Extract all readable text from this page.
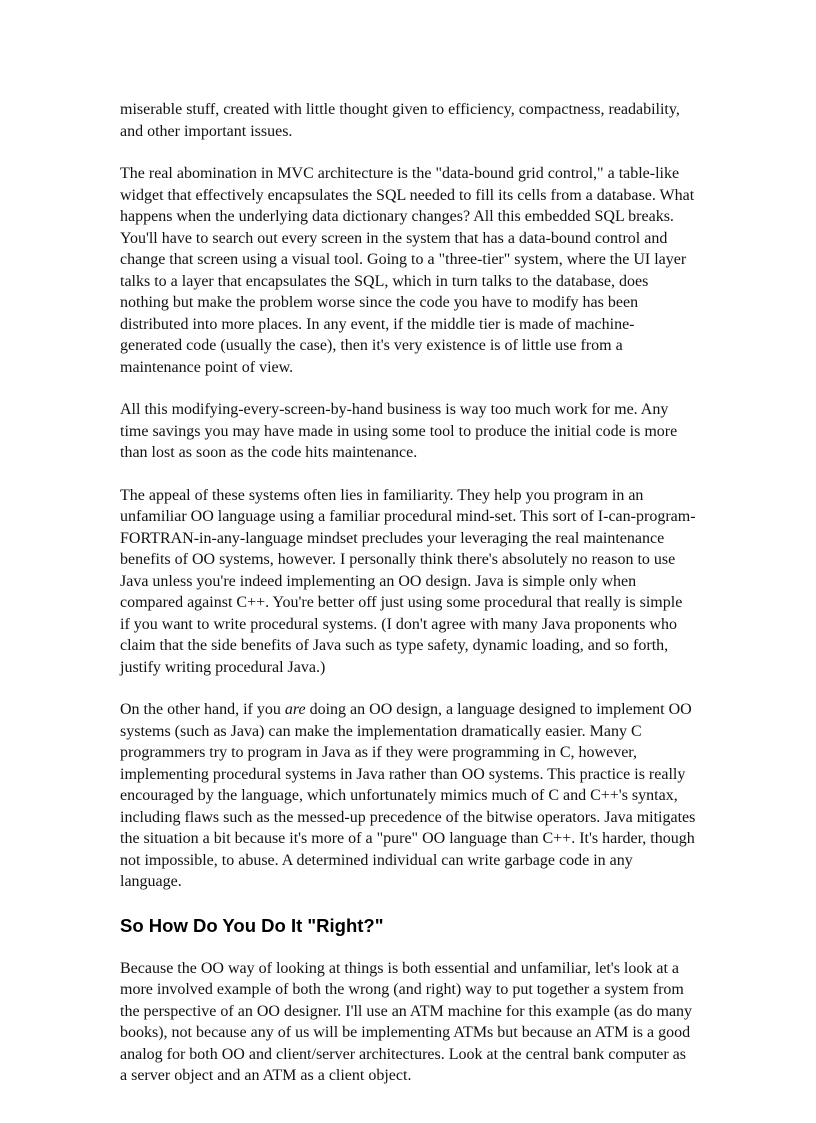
miserable stuff, created with little thought given to efficiency, compactness, readability,
and other important issues.

The real abomination in MVC architecture is the "data-bound grid control," a table-like
widget that effectively encapsulates the SQL needed to fill its cells from a database. What
happens when the underlying data dictionary changes? All this embedded SQL breaks.
You'll have to search out every screen in the system that has a data-bound control and
change that screen using a visual tool. Going to a "three-tier" system, where the UI layer
talks to a layer that encapsulates the SQL, which in turn talks to the database, does
nothing but make the problem worse since the code you have to modify has been
distributed into more places. In any event, if the middle tier is made of machine-
generated code (usually the case), then it's very existence is of little use from a
maintenance point of view.

All this modifying-every-screen-by-hand business is way too much work for me. Any
time savings you may have made in using some tool to produce the initial code is more
than lost as soon as the code hits maintenance.

The appeal of these systems often lies in familiarity. They help you program in an
unfamiliar OO language using a familiar procedural mind-set. This sort of I-can-program-
FORTRAN-in-any-language mindset precludes your leveraging the real maintenance
benefits of OO systems, however. I personally think there's absolutely no reason to use
Java unless you're indeed implementing an OO design. Java is simple only when
compared against C++. You're better off just using some procedural that really is simple
if you want to write procedural systems. (I don't agree with many Java proponents who
claim that the side benefits of Java such as type safety, dynamic loading, and so forth,
justify writing procedural Java.)

On the other hand, if you are doing an OO design, a language designed to implement OO
systems (such as Java) can make the implementation dramatically easier. Many C
programmers try to program in Java as if they were programming in C, however,
implementing procedural systems in Java rather than OO systems. This practice is really
encouraged by the language, which unfortunately mimics much of C and C++'s syntax,
including flaws such as the messed-up precedence of the bitwise operators. Java mitigates
the situation a bit because it's more of a "pure" OO language than C++. It's harder, though
not impossible, to abuse. A determined individual can write garbage code in any
language.

So How Do You Do It "Right?"

Because the OO way of looking at things is both essential and unfamiliar, let's look at a
more involved example of both the wrong (and right) way to put together a system from
the perspective of an OO designer. I'll use an ATM machine for this example (as do many
books), not because any of us will be implementing ATMs but because an ATM is a good
analog for both OO and client/server architectures. Look at the central bank computer as
a server object and an ATM as a client object.
